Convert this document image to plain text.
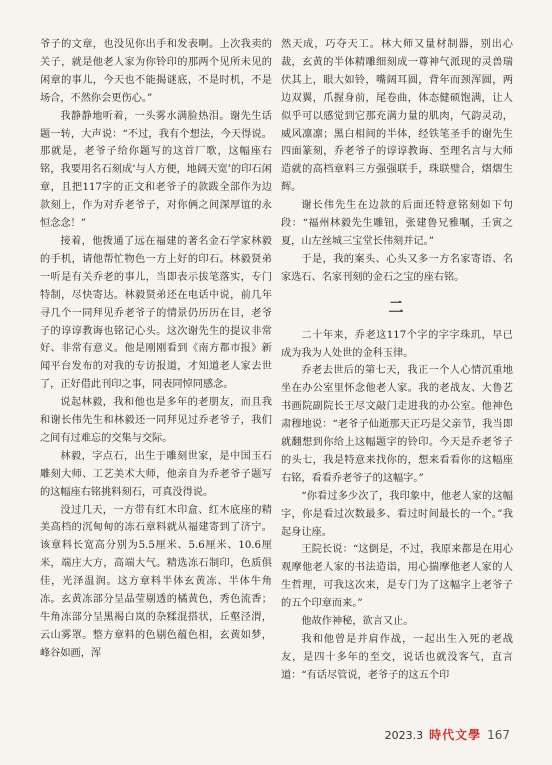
爷子的文章，也没见你出手和发表啊。上次我卖的关子，就是他老人家为你铃印的那两个见所未见的闲章的事儿，今天也不能揭谜底，不是时机，不是场合，不然你会更伤心。”

我静静地听着，一头雾水满脸热泪。谢先生话题一转，大声说：“不过，我有个想法，今天得说。那就是，老爷子给你题写的这首厂歌，这幅座右铭，我要用名石刻成‘与人方便，地阔天宽’的印石闲章，且把117字的正文和老爷子的款跋全部作为边款刻上，作为对乔老爷子，对你俩之间深厚谊的永恒念念！”

接着，他拨通了远在福建的著名金石学家林毅的手机，请他帮忙物色一方上好的印石。林毅贤弟一听是有关乔老的事儿，当即表示拔笔落实，专门特制，尽快寄达。林毅贤弟还在电话中说，前几年寻几个一同拜见乔老爷子的情景仍历历在目，老爷子的谆谆教诲也铭记心头。这次谢先生的提议非常好、非常有意义。他是刚刚看到《南方都市报》新闻平台发布的对我的专访报道，才知道老人家去世了，正好借此刊印之事，同表同悼同感念。

说起林毅，我和他也是多年的老朋友，而且我和谢长伟先生和林毅还一同拜见过乔老爷子，我们之间有过难忘的交集与交际。

林毅，字点石，出生于雕刻世家，是中国玉石雕刻大师、工艺美术大师，他亲自为乔老爷子题写的这幅座右铭挑料刻石，可真没得说。

没过几天，一方带有红木印盒、红木底座的精美高档的沉甸甸的冻石章料就从福建寄到了济宁。该章料长宽高分别为5.5厘米、5.6厘米、10.6厘米，端庄大方，高端大气。精选冻石制印，色质俱佳，光泽温润。这方章料半体玄黄冻、半体牛角冻。玄黄冻部分呈晶莹剔透的橘黄色，秀色流香；牛角冻部分呈黑褐白岚的杂糅混搭状，丘壑泾渭，云山雾罩。整方章料的色剔色蕴色相，玄黄如梦，峰谷如画，浑

然天成，巧夺天工。林大师又量材制器，别出心裁，玄黄的半体精雕细刻成一尊神气派现的灵兽瑞伏其上，眼大如铃，嘴阔耳圆，背年而颈浑圆，两边双翼，爪握身前，尾卷曲，体态健硕饱满，让人似乎可以感觉到它那充满力量的肌肉，气韵灵动，威风凛凛；黑白相间的半体，经铁笔圣手的谢先生四面篆刻，乔老爷子的谆谆教诲、至理名言与大师造就的高档章料三方强强联手，珠联璧合，熠熠生辉。

谢长伟先生在边款的后面还特意铭刻如下句段：“福州林毅先生雕钮，张建鲁兄雅嘱，壬寅之夏，山左丝城三宝堂长伟刻并记。”

于是，我的案头、心头又多一方名家寄语、名家选石、名家刊刻的金石之宝的座右铭。

二

二十年来，乔老这117个字的字字珠玑，早已成为我为人处世的金科玉律。

乔老去世后的第七天，我正一个人心情沉重地坐在办公室里怀念他老人家。我的老战友、大鲁艺书画院副院长王尽文敲门走进我的办公室。他神色肃穆地说：“老爷子仙逝那天正巧是父亲节，我当即就翻想到你给上这幅题字的铃印。今天是乔老爷子的头七，我是特意来找你的，想来看看你的这幅座右铭，看看乔老爷子的这幅字。”

“你看过多少次了，我印象中，他老人家的这幅字，你是看过次数最多、看过时间最长的一个。”我起身让座。

王院长说：“这倒是，不过，我原来都是在用心观摩他老人家的书法造诣，用心揣摩他老人家的人生哲理，可我这次来，是专门为了这幅字上老爷子的五个印章而来。”

他故作神秘，欲言又止。

我和他曾是并肩作战，一起出生入死的老战友，是四十多年的至交，说话也就没客气，直言道：“有话尽管说，老爷子的这五个印

2023.3 時代文學 167
